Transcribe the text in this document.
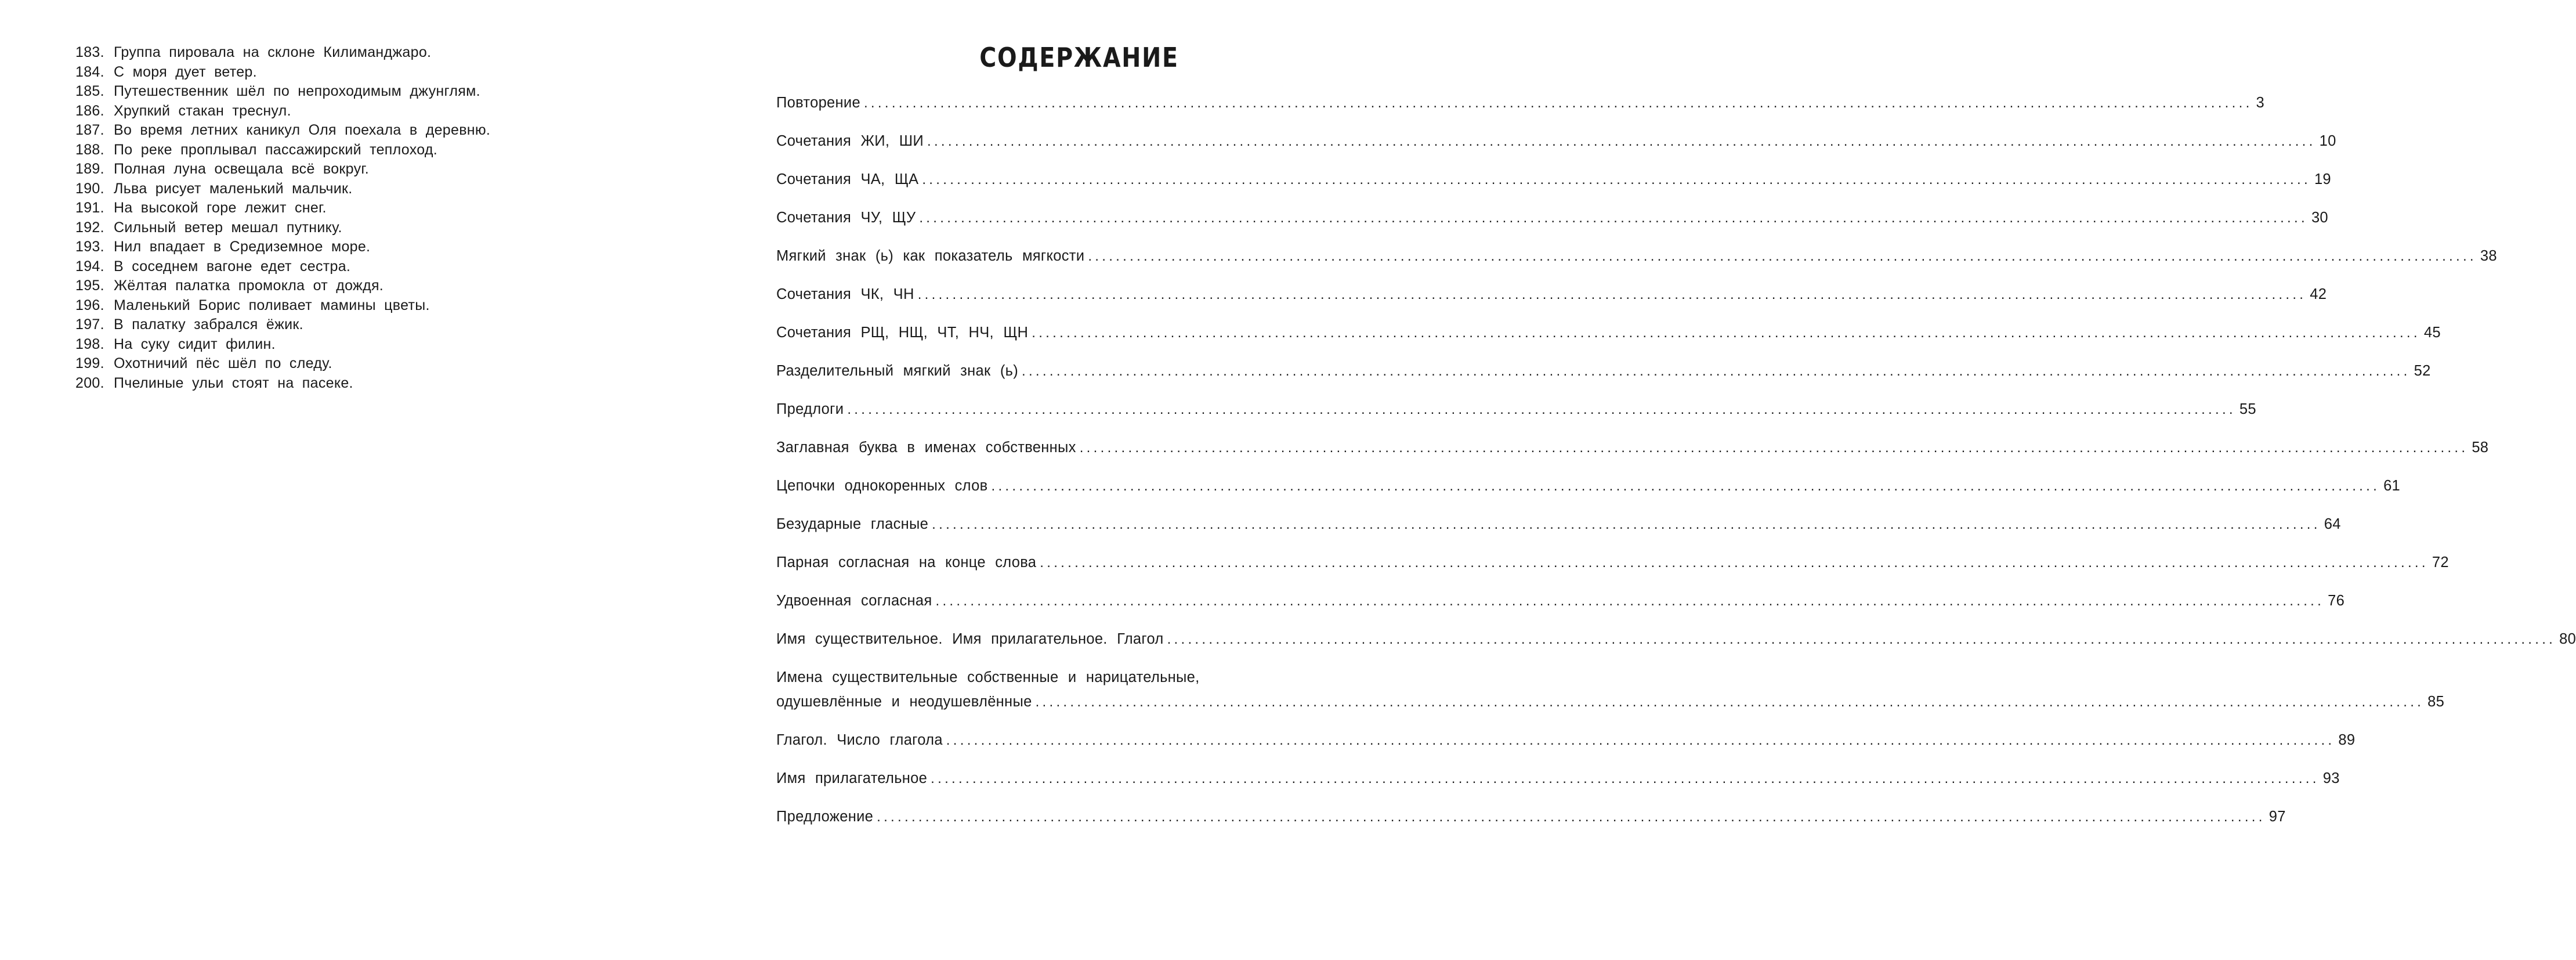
183. Группа пировала на склоне Килиманджаро.
184. С моря дует ветер.
185. Путешественник шёл по непроходимым джунглям.
186. Хрупкий стакан треснул.
187. Во время летних каникул Оля поехала в деревню.
188. По реке проплывал пассажирский теплоход.
189. Полная луна освещала всё вокруг.
190. Льва рисует маленький мальчик.
191. На высокой горе лежит снег.
192. Сильный ветер мешал путнику.
193. Нил впадает в Средиземное море.
194. В соседнем вагоне едет сестра.
195. Жёлтая палатка промокла от дождя.
196. Маленький Борис поливает мамины цветы.
197. В палатку забрался ёжик.
198. На суку сидит филин.
199. Охотничий пёс шёл по следу.
200. Пчелиные ульи стоят на пасеке.
СОДЕРЖАНИЕ
Повторение ........................................................................................................................................................................................................ 3
Сочетания ЖИ, ШИ ........................................................................................................................................................................................................ 10
Сочетания ЧА, ЩА ........................................................................................................................................................................................................ 19
Сочетания ЧУ, ЩУ ........................................................................................................................................................................................................ 30
Мягкий знак (ь) как показатель мягкости ........................................................................................................................................................................................................ 38
Сочетания ЧК, ЧН ........................................................................................................................................................................................................ 42
Сочетания РЩ, НЩ, ЧТ, НЧ, ЩН ........................................................................................................................................................................................................ 45
Разделительный мягкий знак (ь) ........................................................................................................................................................................................................ 52
Предлоги ........................................................................................................................................................................................................ 55
Заглавная буква в именах собственных ........................................................................................................................................................................................................ 58
Цепочки однокоренных слов ........................................................................................................................................................................................................ 61
Безударные гласные ........................................................................................................................................................................................................ 64
Парная согласная на конце слова ........................................................................................................................................................................................................ 72
Удвоенная согласная ........................................................................................................................................................................................................ 76
Имя существительное. Имя прилагательное. Глагол ........................................................................................................................................................................................................ 80
Имена существительные собственные и нарицательные,
одушевлённые и неодушевлённые ........................................................................................................................................................................................................ 85
Глагол. Число глагола ........................................................................................................................................................................................................ 89
Имя прилагательное ........................................................................................................................................................................................................ 93
Предложение ........................................................................................................................................................................................................ 97
